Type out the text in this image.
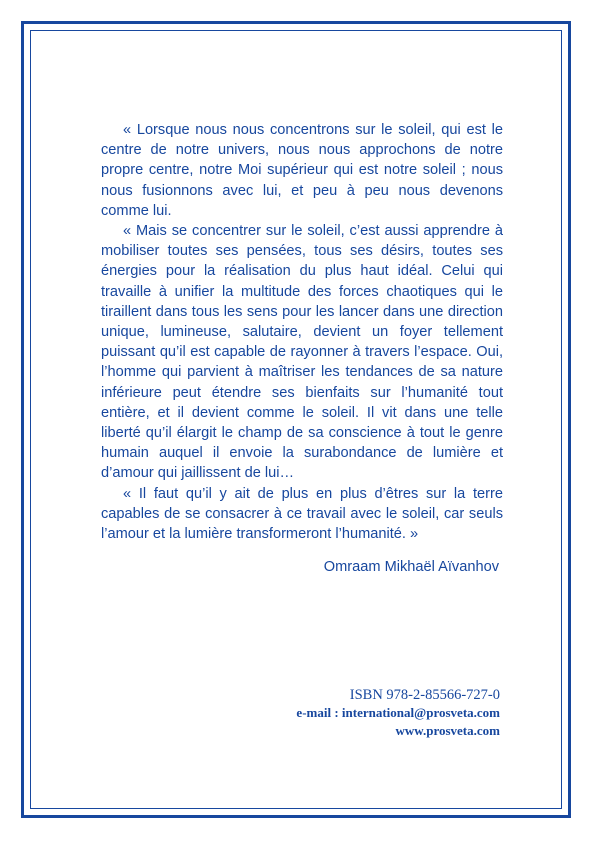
« Lorsque nous nous concentrons sur le soleil, qui est le centre de notre univers, nous nous approchons de notre propre centre, notre Moi supérieur qui est notre soleil ; nous nous fusionnons avec lui, et peu à peu nous devenons comme lui.

« Mais se concentrer sur le soleil, c’est aussi apprendre à mobiliser toutes ses pensées, tous ses désirs, toutes ses énergies pour la réalisation du plus haut idéal. Celui qui travaille à unifier la multitude des forces chaotiques qui le tiraillent dans tous les sens pour les lancer dans une direction unique, lumineuse, salutaire, devient un foyer tellement puissant qu’il est capable de rayonner à travers l’espace. Oui, l’homme qui parvient à maîtriser les tendances de sa nature inférieure peut étendre ses bienfaits sur l’humanité tout entière, et il devient comme le soleil. Il vit dans une telle liberté qu’il élargit le champ de sa conscience à tout le genre humain auquel il envoie la surabondance de lumière et d’amour qui jaillissent de lui…

« Il faut qu’il y ait de plus en plus d’êtres sur la terre capables de se consacrer à ce travail avec le soleil, car seuls l’amour et la lumière transformeront l’humanité. »

Omraam Mikhaël Aïvanhov
ISBN 978-2-85566-727-0
e-mail : international@prosveta.com
www.prosveta.com
